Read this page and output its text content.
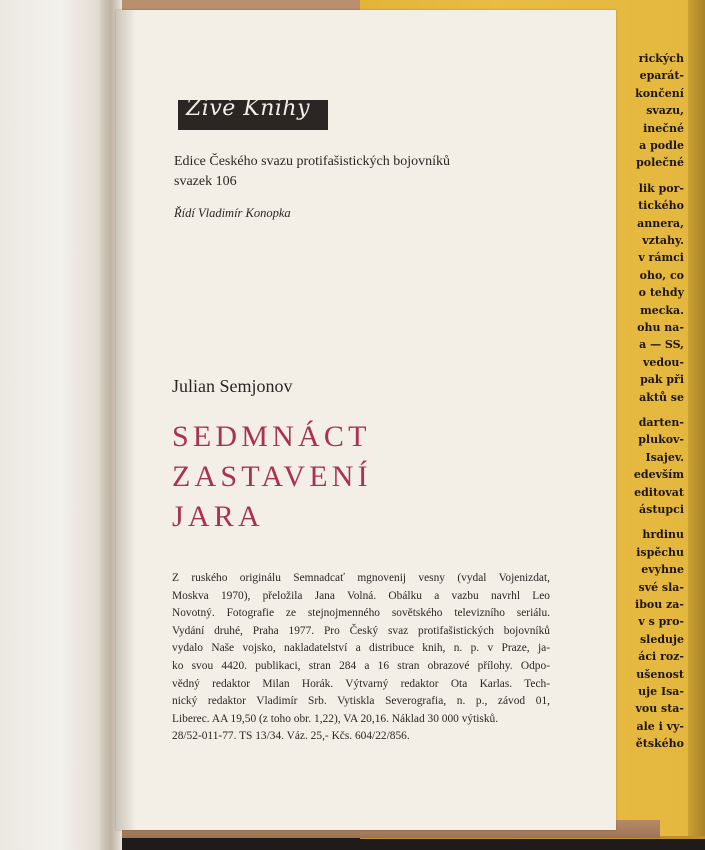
rických
eparát-
končení
svazu,
inečné
a podle
polečné
lik por-
tického
annera,
vztahy.
v rámci
oho, co
o tehdy
mecka.
ohu na-
a — SS,
vedou-
pak při
aktů se
darten-
plukov-
Isajev.
edevším
editovat
ástupci
hrdinu
ispěchu
evyhne
své sla-
ibou za-
v s pro-
sleduje
áci roz-
ušenost
uje Isa-
vou sta-
ale i vy-
ětského
Živé Knihy
Edice Českého svazu protifašistických bojovníků
svazek 106
Řídí Vladimír Konopka
Julian Semjonov
SEDMNÁCT
ZASTAVENÍ
JARA
Z ruského originálu Semnadcať mgnovenij vesny (vydal Vojenizdat,
Moskva 1970), přeložila Jana Volná. Obálku a vazbu navrhl Leo
Novotný. Fotografie ze stejnojmenného sovětského televizního seriálu.
Vydání druhé, Praha 1977. Pro Český svaz protifašistických bojovníků
vydalo Naše vojsko, nakladatelství a distribuce knih, n. p. v Praze, ja-
ko svou 4420. publikaci, stran 284 a 16 stran obrazové přílohy. Odpo-
vědný redaktor Milan Horák. Výtvarný redaktor Ota Karlas. Tech-
nický redaktor Vladimír Srb. Vytiskla Severografia, n. p., závod 01,
Liberec. AA 19,50 (z toho obr. 1,22), VA 20,16. Náklad 30 000 výtisků.
28/52-011-77. TS 13/34. Váz. 25,- Kčs. 604/22/856.
